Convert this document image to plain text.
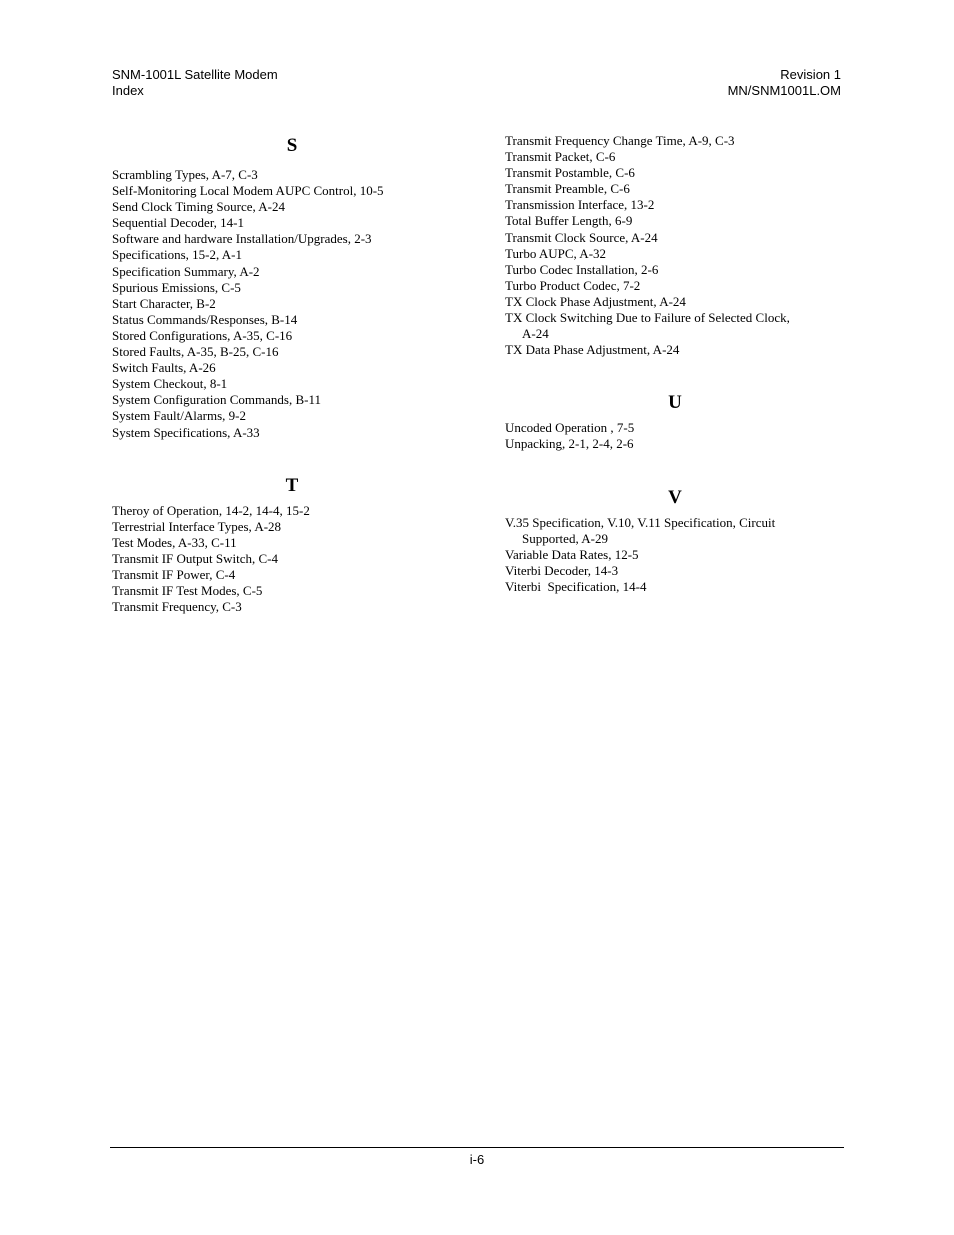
SNM-1001L Satellite Modem
Index
Revision 1
MN/SNM1001L.OM
S
Scrambling Types, A-7, C-3
Self-Monitoring Local Modem AUPC Control, 10-5
Send Clock Timing Source, A-24
Sequential Decoder, 14-1
Software and hardware Installation/Upgrades, 2-3
Specifications, 15-2, A-1
Specification Summary, A-2
Spurious Emissions, C-5
Start Character, B-2
Status Commands/Responses, B-14
Stored Configurations, A-35, C-16
Stored Faults, A-35, B-25, C-16
Switch Faults, A-26
System Checkout, 8-1
System Configuration Commands, B-11
System Fault/Alarms, 9-2
System Specifications, A-33
T
Theroy of Operation, 14-2, 14-4, 15-2
Terrestrial Interface Types, A-28
Test Modes, A-33, C-11
Transmit IF Output Switch, C-4
Transmit IF Power, C-4
Transmit IF Test Modes, C-5
Transmit Frequency, C-3
Transmit Frequency Change Time, A-9, C-3
Transmit Packet, C-6
Transmit Postamble, C-6
Transmit Preamble, C-6
Transmission Interface, 13-2
Total Buffer Length, 6-9
Transmit Clock Source, A-24
Turbo AUPC, A-32
Turbo Codec Installation, 2-6
Turbo Product Codec, 7-2
TX Clock Phase Adjustment, A-24
TX Clock Switching Due to Failure of Selected Clock, A-24
TX Data Phase Adjustment, A-24
U
Uncoded Operation , 7-5
Unpacking, 2-1, 2-4, 2-6
V
V.35 Specification, V.10, V.11 Specification, Circuit Supported, A-29
Variable Data Rates, 12-5
Viterbi Decoder, 14-3
Viterbi  Specification, 14-4
i-6
